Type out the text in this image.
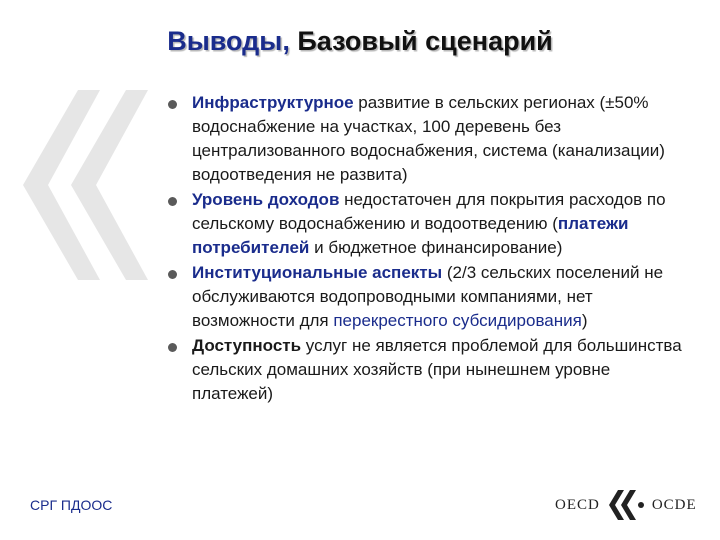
Выводы, Базовый сценарий
Инфраструктурное развитие в сельских регионах (±50% водоснабжение на участках, 100 деревень без централизованного водоснабжения, система (канализации) водоотведения не развита)
Уровень доходов недостаточен для покрытия расходов по сельскому водоснабжению и водоотведению (платежи потребителей и бюджетное финансирование)
Институциональные аспекты (2/3 сельских поселений не обслуживаются водопроводными компаниями, нет возможности для перекрестного субсидирования)
Доступность услуг не является проблемой для большинства сельских домашних хозяйств (при нынешнем уровне платежей)
СРГ ПДООС	OECD	OCDE
